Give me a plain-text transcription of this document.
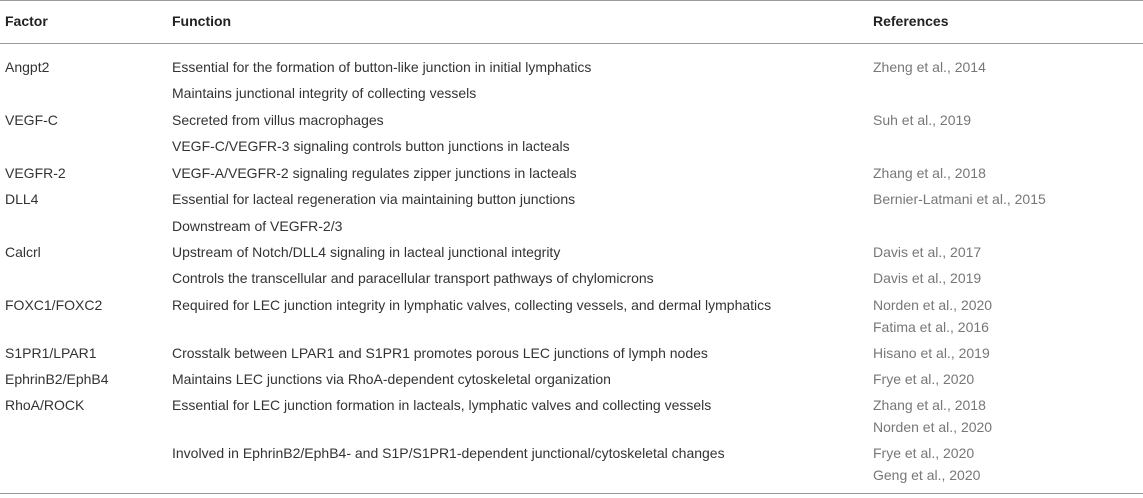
Factor	Function	References
Angpt2	Essential for the formation of button-like junction in initial lymphatics	Zheng et al., 2014
Maintains junctional integrity of collecting vessels
VEGF-C	Secreted from villus macrophages	Suh et al., 2019
VEGF-C/VEGFR-3 signaling controls button junctions in lacteals
VEGFR-2	VEGF-A/VEGFR-2 signaling regulates zipper junctions in lacteals	Zhang et al., 2018
DLL4	Essential for lacteal regeneration via maintaining button junctions	Bernier-Latmani et al., 2015
Downstream of VEGFR-2/3
Calcrl	Upstream of Notch/DLL4 signaling in lacteal junctional integrity	Davis et al., 2017
Controls the transcellular and paracellular transport pathways of chylomicrons	Davis et al., 2019
FOXC1/FOXC2	Required for LEC junction integrity in lymphatic valves, collecting vessels, and dermal lymphatics	Norden et al., 2020
Fatima et al., 2016
S1PR1/LPAR1	Crosstalk between LPAR1 and S1PR1 promotes porous LEC junctions of lymph nodes	Hisano et al., 2019
EphrinB2/EphB4	Maintains LEC junctions via RhoA-dependent cytoskeletal organization	Frye et al., 2020
RhoA/ROCK	Essential for LEC junction formation in lacteals, lymphatic valves and collecting vessels	Zhang et al., 2018
Norden et al., 2020
Involved in EphrinB2/EphB4- and S1P/S1PR1-dependent junctional/cytoskeletal changes	Frye et al., 2020
Geng et al., 2020
